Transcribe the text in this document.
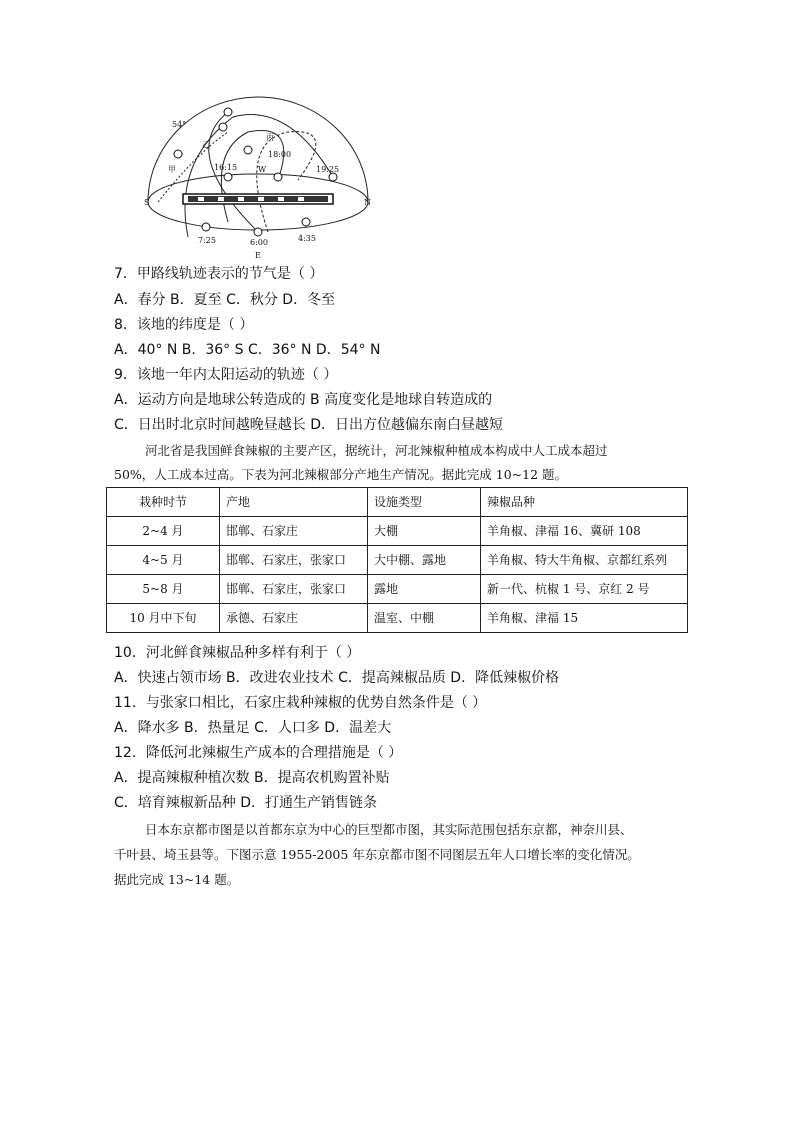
54°
乙
丙
甲	16:15
18:00
19:25
W
S	N
7:25	6:00	4:35
E
7．甲路线轨迹表示的节气是（ ）
A．春分 B．夏至 C．秋分 D．冬至
8．该地的纬度是（ ）
A．40° N B．36° S C．36° N D．54° N
9．该地一年内太阳运动的轨迹（ ）
A．运动方向是地球公转造成的 B 高度变化是地球自转造成的
C．日出时北京时间越晚昼越长 D．日出方位越偏东南白昼越短
河北省是我国鲜食辣椒的主要产区，据统计，河北辣椒种植成本构成中人工成本超过
50%，人工成本过高。下表为河北辣椒部分产地生产情况。据此完成 10~12 题。
栽种时节	产地	设施类型	辣椒品种
2~4 月	邯郸、石家庄	大棚	羊角椒、津福 16、冀研 108
4~5 月	邯郸、石家庄，张家口	大中棚、露地	羊角椒、特大牛角椒、京都红系列
5~8 月	邯郸、石家庄，张家口	露地	新一代、杭椒 1 号、京红 2 号
10 月中下旬	承德、石家庄	温室、中棚	羊角椒、津福 15
10．河北鲜食辣椒品种多样有利于（ ）
A．快速占领市场 B．改进农业技术 C．提高辣椒品质 D．降低辣椒价格
11．与张家口相比，石家庄栽种辣椒的优势自然条件是（ ）
A．降水多 B．热量足 C．人口多 D．温差大
12．降低河北辣椒生产成本的合理措施是（ ）
A．提高辣椒种植次数 B．提高农机购置补贴
C．培育辣椒新品种 D．打通生产销售链条
日本东京都市图是以首都东京为中心的巨型都市图，其实际范围包括东京都，神奈川县、
千叶县、埼玉县等。下图示意 1955-2005 年东京都市图不同图层五年人口增长率的变化情况。
据此完成 13~14 题。
